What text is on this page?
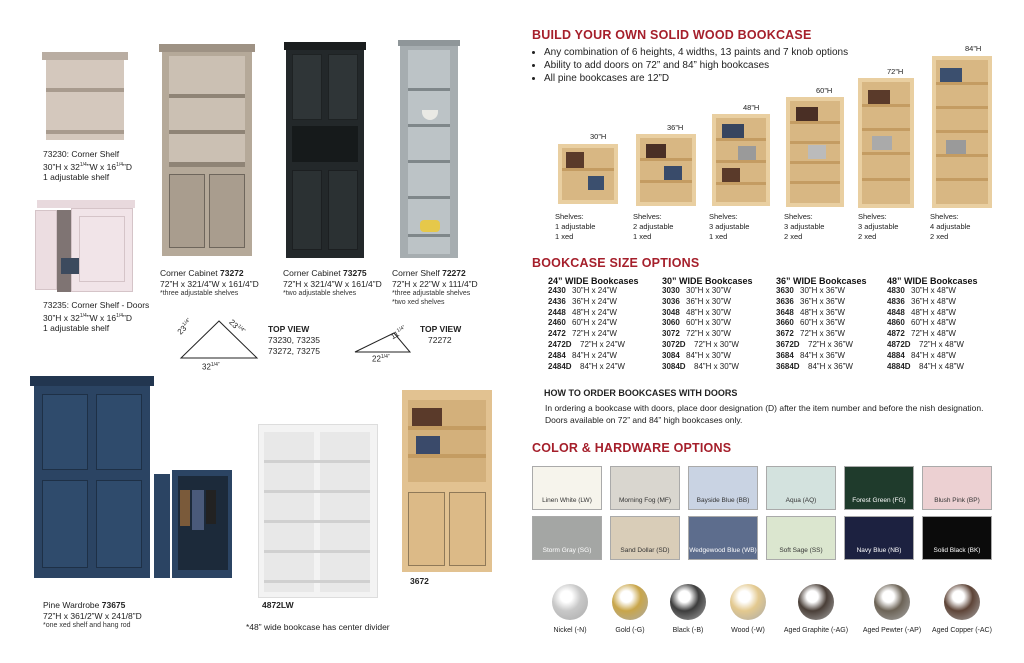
73230: Corner Shelf
30”H x $32^{1/4}”W$ x $16^{1/4}”D$
1 adjustable shelf
73235: Corner Shelf - Doors
30”H x $32^{1/4}”W$ x $16^{1/4}”D$
1 adjustable shelf
Corner Cabinet 73272
72”H x 321/4”W x 161/4”D
*three adjustable shelves
Corner Cabinet 73275
72”H x 321/4”W x 161/4”D
*two adjustable shelves
Corner Shelf 72272
72”H x 22”W x 111/4”D
*three adjustable shelves
*two xed shelves
$23^{1/4”}$	$23^{1/4”}$
$32^{1/4”}$
TOP VIEW
73230, 73235
73272, 73275
$11^{1/4”}$
$22^{1/4”}$
TOP VIEW
72272
Pine Wardrobe 73675
72”H x 361/2”W x 241/8”D
*one xed shelf and hang rod
4872LW
*48” wide bookcase has center divider
3672
BUILD YOUR OWN SOLID WOOD BOOKCASE
• Any combination of 6 heights, 4 widths, 13 paints and 7 knob options
• Ability to add doors on 72” and 84” high bookcases
• All pine bookcases are 12”D
30”H
36”H
48”H
60”H
72”H
84”H
Shelves:
1 adjustable
1 xed
Shelves:
2 adjustable
1 xed
Shelves:
3 adjustable
1 xed
Shelves:
3 adjustable
2 xed
Shelves:
3 adjustable
2 xed
Shelves:
4 adjustable
2 xed
BOOKCASE SIZE OPTIONS
24” WIDE Bookcases
2430 30”H x 24”W
2436 36”H x 24”W
2448 48”H x 24”W
2460 60”H x 24”W
2472 72”H x 24”W
2472D 72”H x 24”W
2484 84”H x 24”W
2484D 84”H x 24”W
30” WIDE Bookcases
3030 30”H x 30”W
3036 36”H x 30”W
3048 48”H x 30”W
3060 60”H x 30”W
3072 72”H x 30”W
3072D 72”H x 30”W
3084 84”H x 30”W
3084D 84”H x 30”W
36” WIDE Bookcases
3630 30”H x 36”W
3636 36”H x 36”W
3648 48”H x 36”W
3660 60”H x 36”W
3672 72”H x 36”W
3672D 72”H x 36”W
3684 84”H x 36”W
3684D 84”H x 36”W
48” WIDE Bookcases
4830 30”H x 48”W
4836 36”H x 48”W
4848 48”H x 48”W
4860 60”H x 48”W
4872 72”H x 48”W
4872D 72”H x 48”W
4884 84”H x 48”W
4884D 84”H x 48”W
HOW TO ORDER BOOKCASES WITH DOORS
In ordering a bookcase with doors, place door designation (D) after the item number and before the nish designation.
Doors available on 72” and 84” high bookcases only.
COLOR & HARDWARE OPTIONS
Linen White (LW)	Morning Fog (MF)	Bayside Blue (BB)	Aqua (AQ)	Forest Green (FG)	Blush Pink (BP)
Storm Gray (SG)	Sand Dollar (SD)	Wedgewood Blue (WB)	Soft Sage (SS)	Navy Blue (NB)	Solid Black (BK)
Nickel (-N)	Gold (-G)	Black (-B)	Wood (-W)	Aged Graphite (-AG)	Aged Pewter (-AP)	Aged Copper (-AC)
